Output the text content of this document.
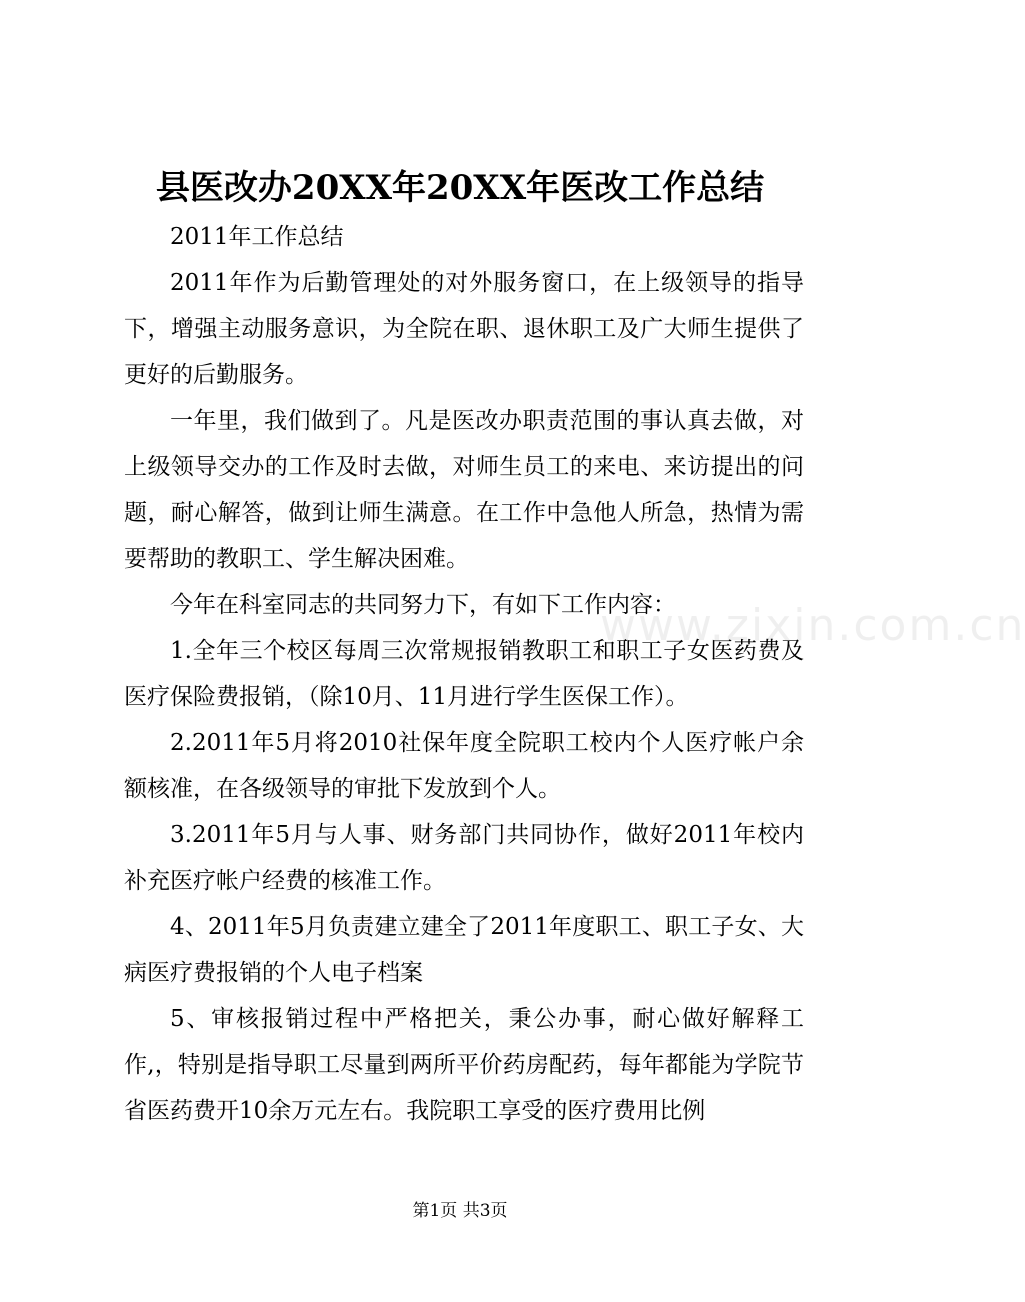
县医改办20XX年20XX年医改工作总结

2011年工作总结

2011年作为后勤管理处的对外服务窗口，在上级领导的指导下，增强主动服务意识，为全院在职、退休职工及广大师生提供了更好的后勤服务。

一年里，我们做到了。凡是医改办职责范围的事认真去做，对上级领导交办的工作及时去做，对师生员工的来电、来访提出的问题，耐心解答，做到让师生满意。在工作中急他人所急，热情为需要帮助的教职工、学生解决困难。

今年在科室同志的共同努力下，有如下工作内容：

1.全年三个校区每周三次常规报销教职工和职工子女医药费及医疗保险费报销，（除10月、11月进行学生医保工作）。

2.2011年5月将2010社保年度全院职工校内个人医疗帐户余额核准，在各级领导的审批下发放到个人。

3.2011年5月与人事、财务部门共同协作，做好2011年校内补充医疗帐户经费的核准工作。

4、2011年5月负责建立建全了2011年度职工、职工子女、大病医疗费报销的个人电子档案

5、审核报销过程中严格把关，秉公办事，耐心做好解释工作,，特别是指导职工尽量到两所平价药房配药，每年都能为学院节省医药费开10余万元左右。我院职工享受的医疗费用比例

www.zixin.com.cn
第1页 共3页
